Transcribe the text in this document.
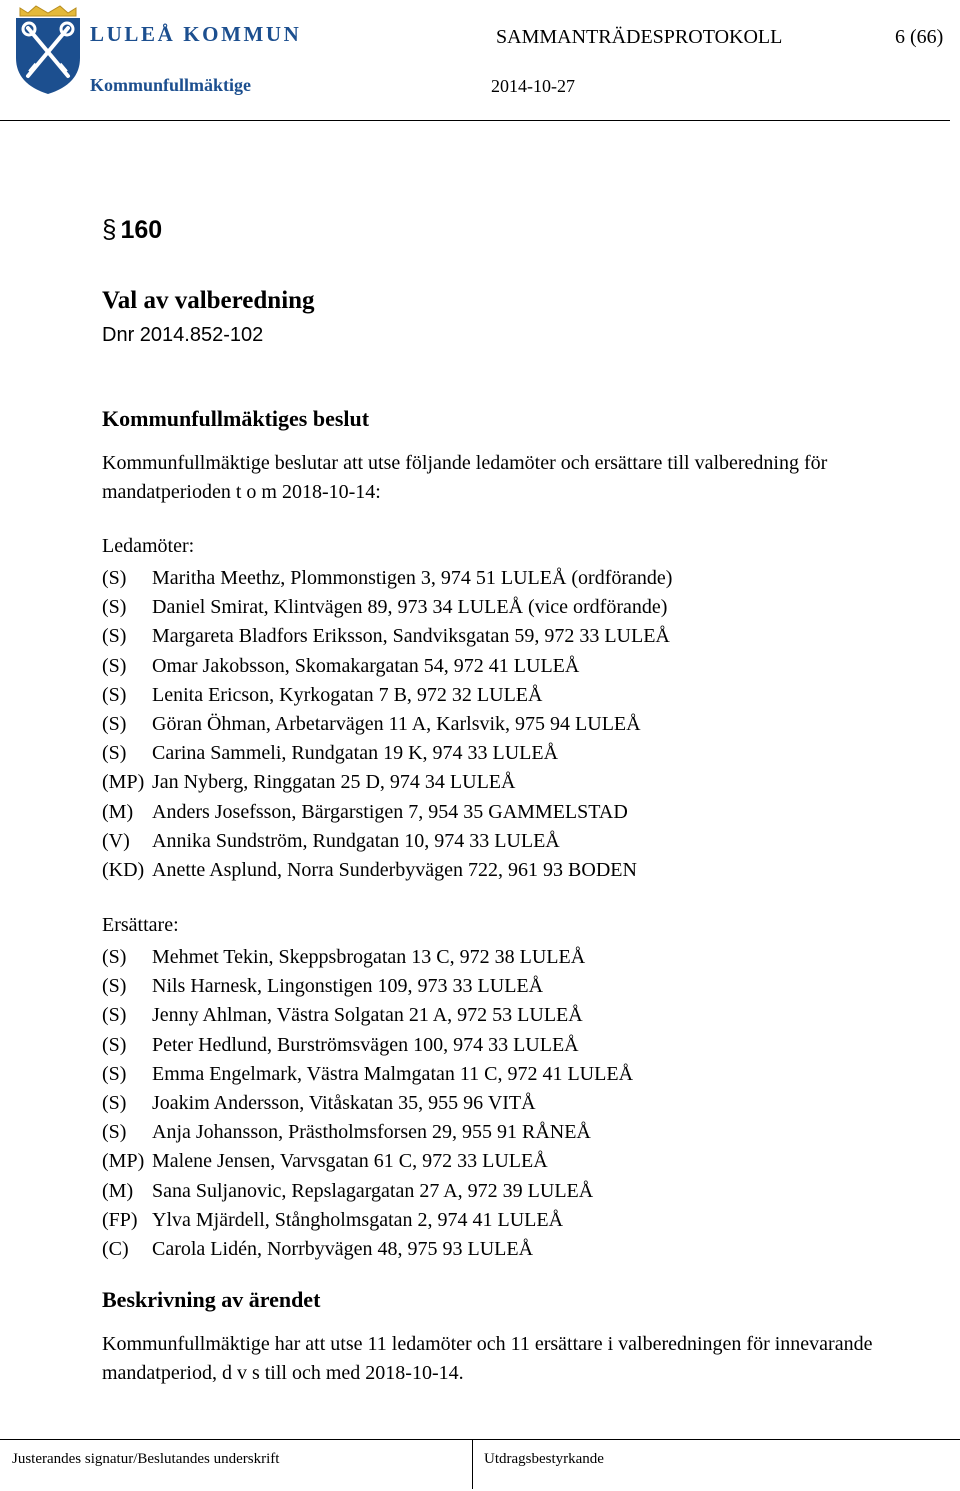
LULEÅ KOMMUN
Kommunfullmäktige
SAMMANTRÄDESPROTOKOLL	6 (66)
2014-10-27
§ 160
Val av valberedning
Dnr 2014.852-102
Kommunfullmäktiges beslut

Kommunfullmäktige beslutar att utse följande ledamöter och ersättare till valberedning för mandatperioden t o m 2018-10-14:

Ledamöter:
(S) Maritha Meethz, Plommonstigen 3, 974 51 LULEÅ (ordförande)
(S) Daniel Smirat, Klintvägen 89, 973 34 LULEÅ (vice ordförande)
(S) Margareta Bladfors Eriksson, Sandviksgatan 59, 972 33 LULEÅ
(S) Omar Jakobsson, Skomakargatan 54, 972 41 LULEÅ
(S) Lenita Ericson, Kyrkogatan 7 B, 972 32 LULEÅ
(S) Göran Öhman, Arbetarvägen 11 A, Karlsvik, 975 94 LULEÅ
(S) Carina Sammeli, Rundgatan 19 K, 974 33 LULEÅ
(MP) Jan Nyberg, Ringgatan 25 D, 974 34 LULEÅ
(M) Anders Josefsson, Bärgarstigen 7, 954 35 GAMMELSTAD
(V) Annika Sundström, Rundgatan 10, 974 33 LULEÅ
(KD) Anette Asplund, Norra Sunderbyvägen 722, 961 93 BODEN
Ersättare:
(S) Mehmet Tekin, Skeppsbrogatan 13 C, 972 38 LULEÅ
(S) Nils Harnesk, Lingonstigen 109, 973 33 LULEÅ
(S) Jenny Ahlman, Västra Solgatan 21 A, 972 53 LULEÅ
(S) Peter Hedlund, Burströmsvägen 100, 974 33 LULEÅ
(S) Emma Engelmark, Västra Malmgatan 11 C, 972 41 LULEÅ
(S) Joakim Andersson, Vitåskatan 35, 955 96 VITÅ
(S) Anja Johansson, Prästholmsforsen 29, 955 91 RÅNEÅ
(MP) Malene Jensen, Varvsgatan 61 C, 972 33 LULEÅ
(M) Sana Suljanovic, Repslagargatan 27 A, 972 39 LULEÅ
(FP) Ylva Mjärdell, Stångholmsgatan 2, 974 41 LULEÅ
(C) Carola Lidén, Norrbyvägen 48, 975 93 LULEÅ
Beskrivning av ärendet

Kommunfullmäktige har att utse 11 ledamöter och 11 ersättare i valberedningen för innevarande mandatperiod, d v s till och med 2018-10-14.

Justerandes signatur/Beslutandes underskrift	Utdragsbestyrkande
